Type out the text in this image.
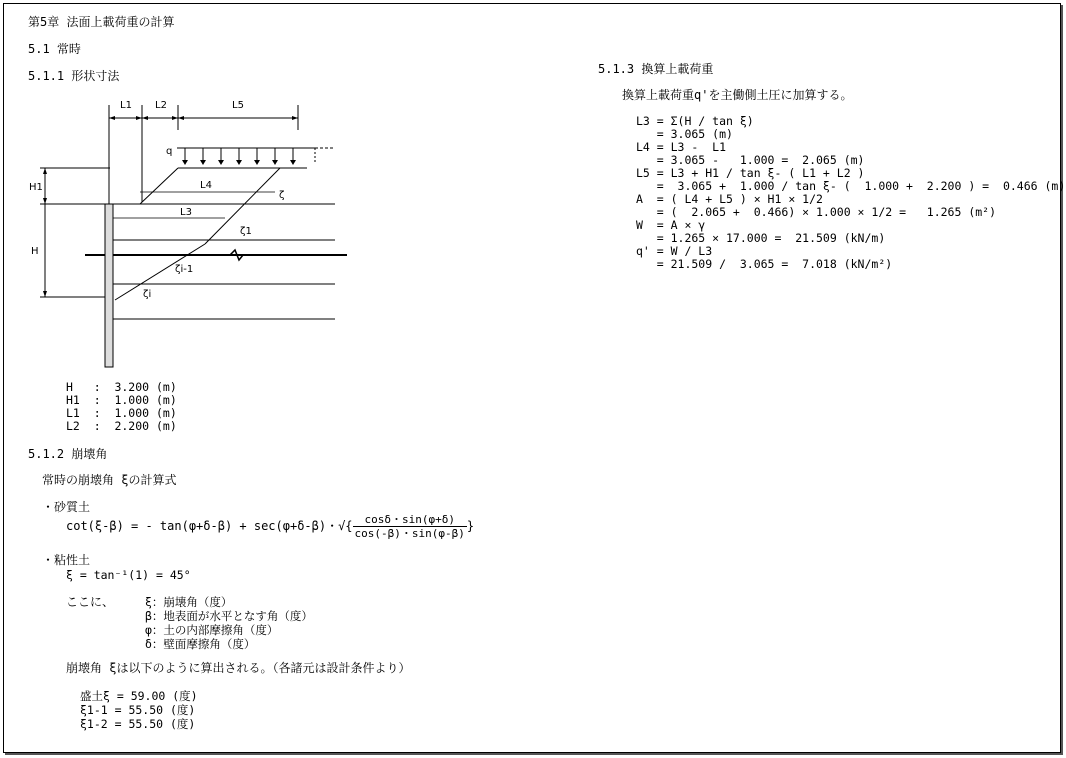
第5章 法面上載荷重の計算
5.1 常時
5.1.1 形状寸法
L1 L2	L5
L4
L3
H1
H
q
ζ
ζ1
ζi-1
ζi
H   :  3.200 (m)
H1  :  1.000 (m)
L1  :  1.000 (m)
L2  :  2.200 (m)
5.1.2 崩壊角
常時の崩壊角 ξの計算式
・砂質土
cot(ξ-β) = - tan(φ+δ-β) + sec(φ+δ-β)・√{ $\frac{\cos\delta・\sin(\varphi+\delta)}{\cos(-\beta)・\sin(\varphi-\beta)}$ }
・粘性土
ξ = tan⁻¹(1) = 45°
ここに、	ξ：崩壊角（度）
β：地表面が水平となす角（度）
φ：土の内部摩擦角（度）
δ：壁面摩擦角（度）
崩壊角 ξは以下のように算出される。（各諸元は設計条件より）
盛土ξ = 59.00 (度)
ξ1-1 = 55.50 (度)
ξ1-2 = 55.50 (度)
5.1.3 換算上載荷重
換算上載荷重q'を主働側土圧に加算する。
L3 = Σ(H / tan ξ)
= 3.065 (m)
L4 = L3 -  L1
= 3.065 -   1.000 =  2.065 (m)
L5 = L3 + H1 / tan ξ- ( L1 + L2 )
=  3.065 +  1.000 / tan ξ- (  1.000 +  2.200 ) =  0.466 (m)
A  = ( L4 + L5 ) × H1 × 1/2
= (  2.065 +  0.466) × 1.000 × 1/2 =   1.265 (m²)
W  = A × γ
= 1.265 × 17.000 =  21.509 (kN/m)
q' = W / L3
= 21.509 /  3.065 =  7.018 (kN/m²)
